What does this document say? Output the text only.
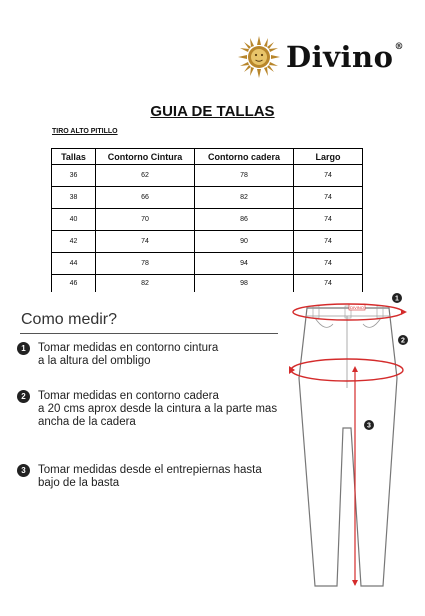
Divino®
GUIA DE TALLAS
TIRO ALTO PITILLO
Tallas	Contorno Cintura	Contorno cadera	Largo
36	62	78	74
38	66	82	74
40	70	86	74
42	74	90	74
44	78	94	74
46	82	98	74
Como medir?
1	Tomar medidas en contorno cintura
a la altura del ombligo
2	Tomar medidas en contorno cadera
a 20 cms aprox desde la cintura a la parte mas
ancha de la cadera
3	Tomar medidas desde el entrepiernas hasta
bajo de la basta
DIVINO
1
2
3
